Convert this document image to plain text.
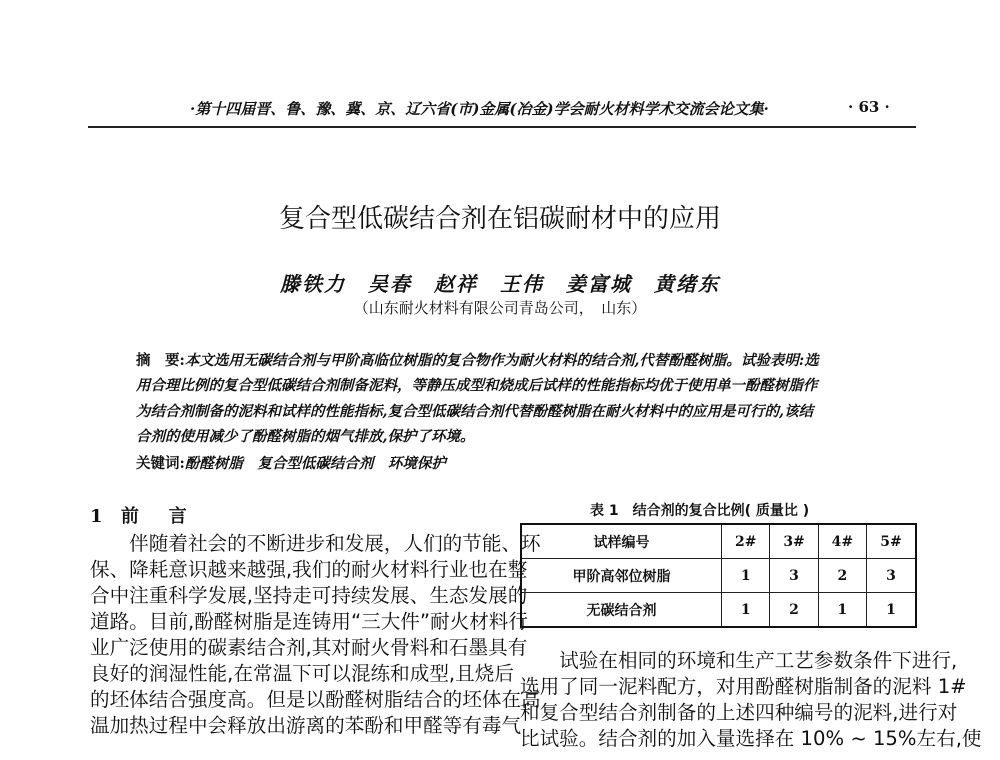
·第十四届晋、鲁、豫、冀、京、辽六省(市)金属(冶金)学会耐火材料学术交流会论文集·	· 63 ·
复合型低碳结合剂在铝碳耐材中的应用
滕铁力　吴春　赵祥　王伟　姜富城　黄绪东
（山东耐火材料有限公司青岛公司，　山东）
摘　要:本文选用无碳结合剂与甲阶高临位树脂的复合物作为耐火材料的结合剂,代替酚醛树脂。试验表明:选
用合理比例的复合型低碳结合剂制备泥料，等静压成型和烧成后试样的性能指标均优于使用单一酚醛树脂作
为结合剂制备的泥料和试样的性能指标,复合型低碳结合剂代替酚醛树脂在耐火材料中的应用是可行的,该结
合剂的使用减少了酚醛树脂的烟气排放,保护了环境。
关键词:酚醛树脂　复合型低碳结合剂　环境保护
1 前　言
　　伴随着社会的不断进步和发展，人们的节能、环
保、降耗意识越来越强,我们的耐火材料行业也在整
合中注重科学发展,坚持走可持续发展、生态发展的
道路。目前,酚醛树脂是连铸用“三大件”耐火材料行
业广泛使用的碳素结合剂,其对耐火骨料和石墨具有
良好的润湿性能,在常温下可以混练和成型,且烧后
的坯体结合强度高。但是以酚醛树脂结合的坯体在高
温加热过程中会释放出游离的苯酚和甲醛等有毒气
表 1　结合剂的复合比例( 质量比 )
试样编号	2#	3#	4#	5#
甲阶高邻位树脂	1	3	2	3
无碳结合剂	1	2	1	1
　　试验在相同的环境和生产工艺参数条件下进行,
选用了同一泥料配方，对用酚醛树脂制备的泥料 1#
和复合型结合剂制备的上述四种编号的泥料,进行对
比试验。结合剂的加入量选择在 10% ~ 15%左右,使
